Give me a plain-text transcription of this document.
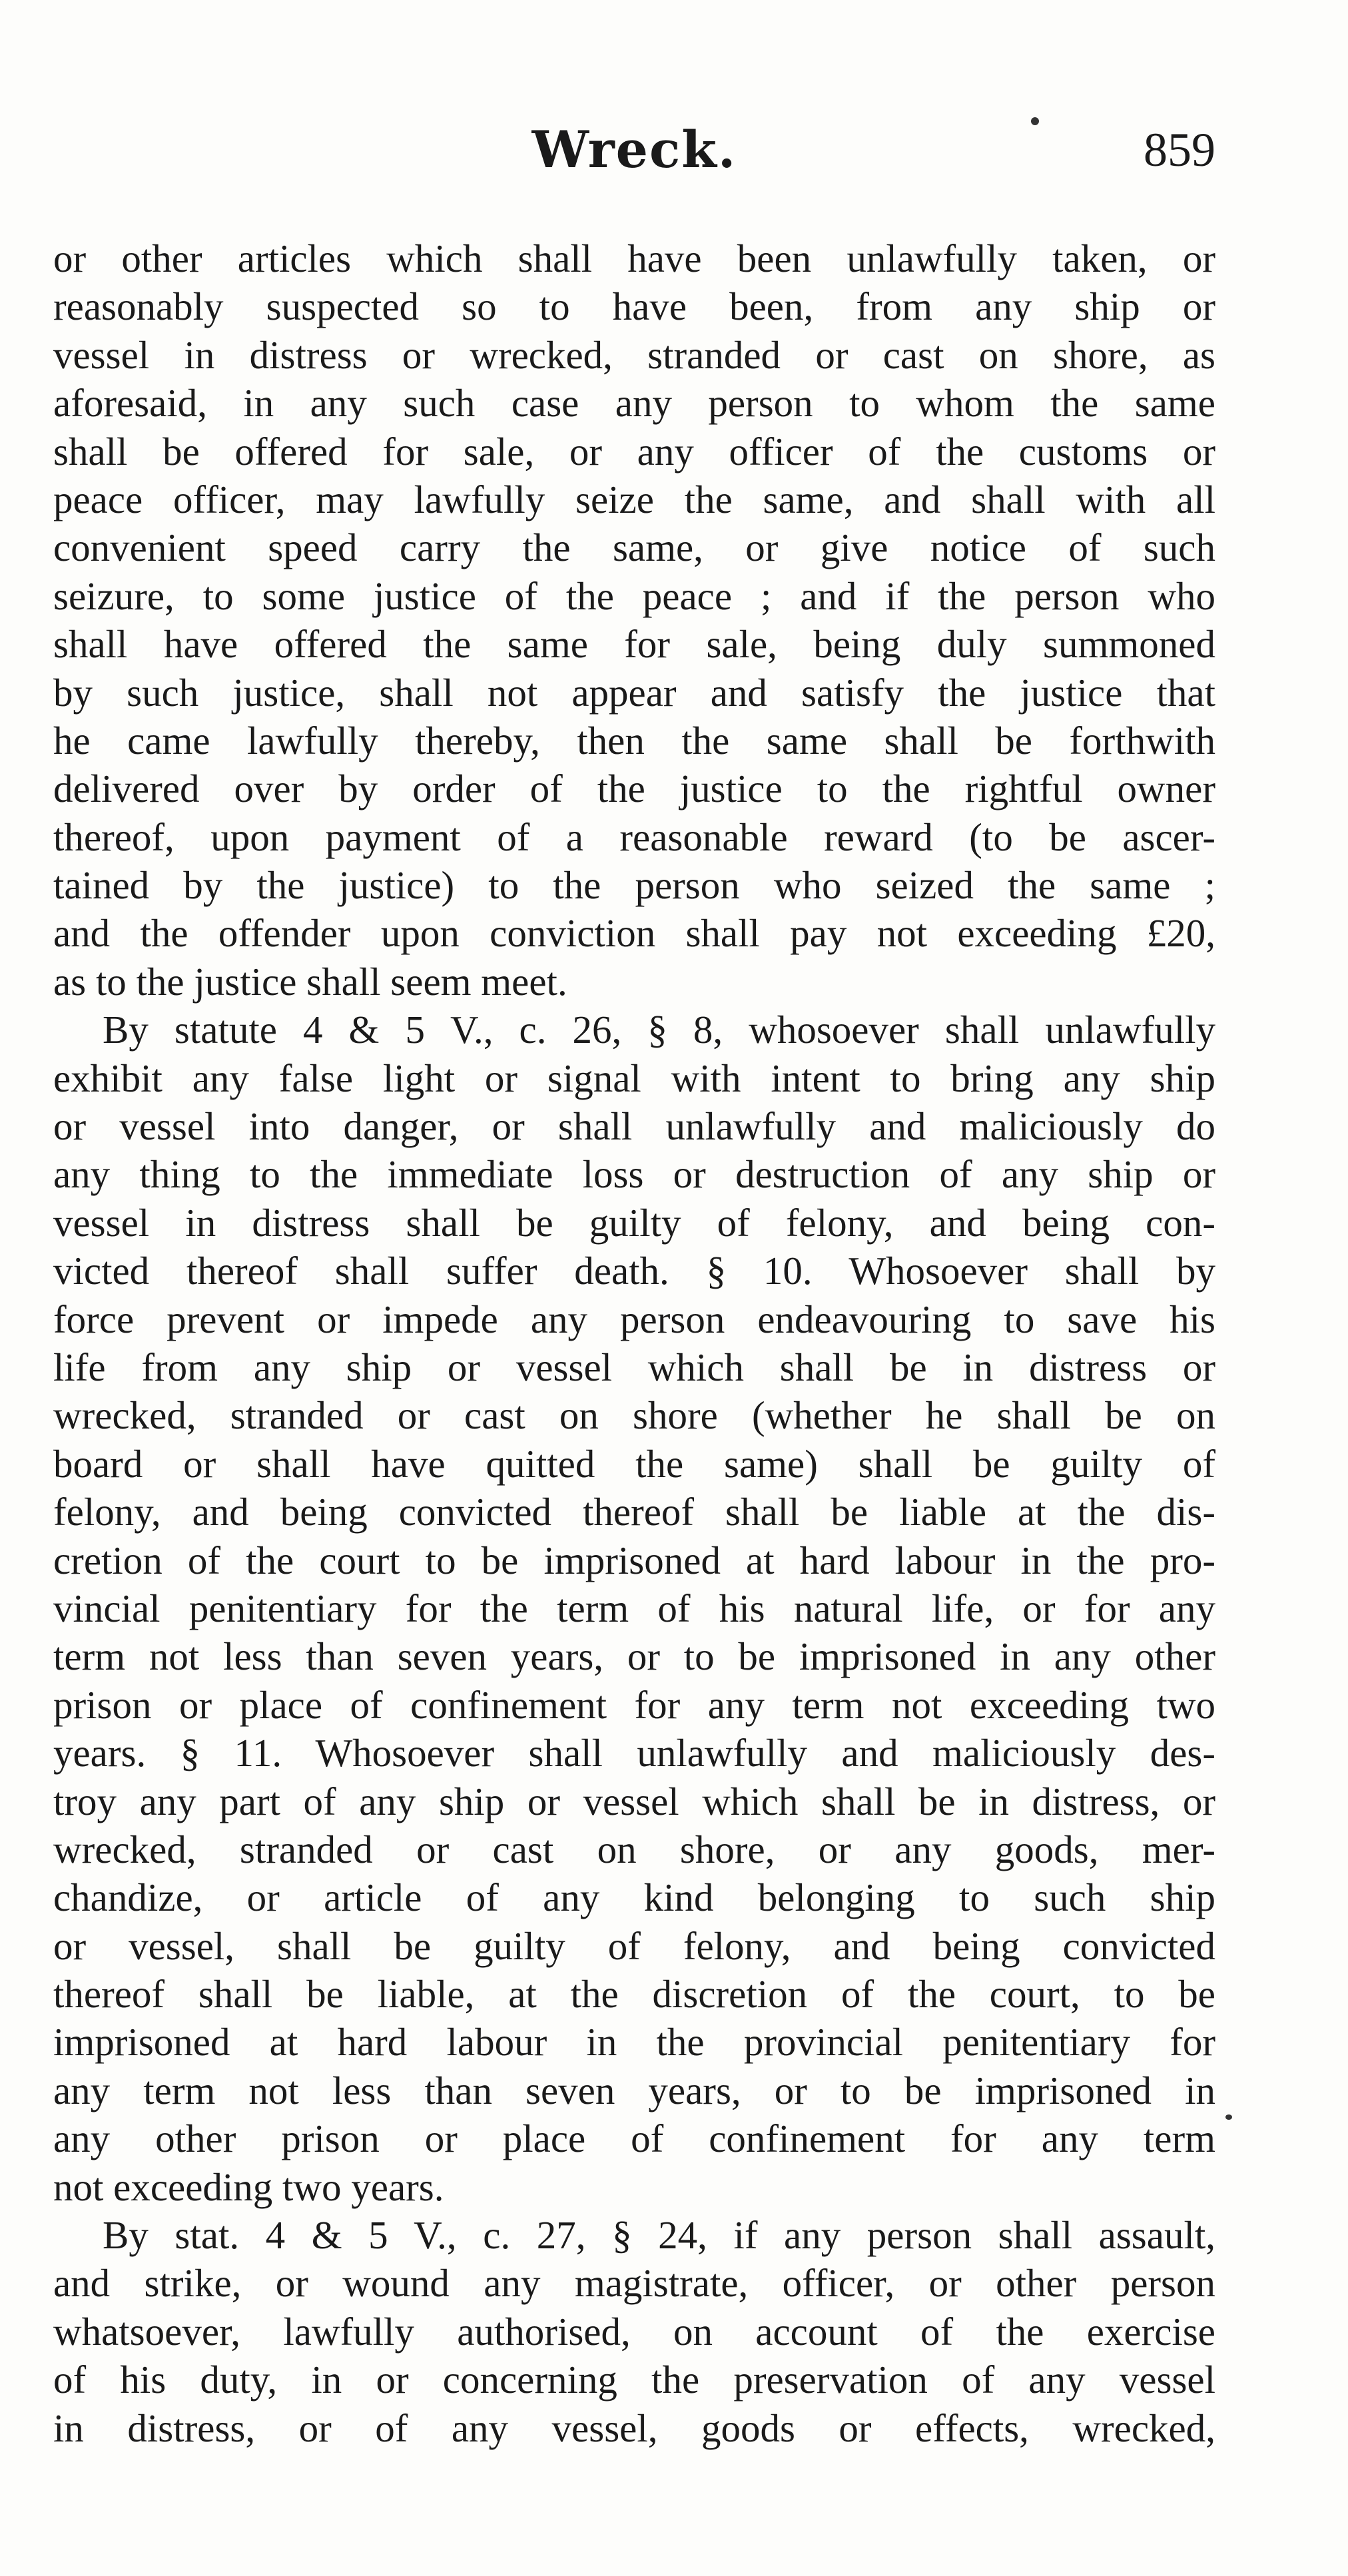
Wreck.	859
or other articles which shall have been unlawfully taken, or
reasonably suspected so to have been, from any ship or
vessel in distress or wrecked, stranded or cast on shore, as
aforesaid, in any such case any person to whom the same
shall be offered for sale, or any officer of the customs or
peace officer, may lawfully seize the same, and shall with all
convenient speed carry the same, or give notice of such
seizure, to some justice of the peace ; and if the person who
shall have offered the same for sale, being duly summoned
by such justice, shall not appear and satisfy the justice that
he came lawfully thereby, then the same shall be forthwith
delivered over by order of the justice to the rightful owner
thereof, upon payment of a reasonable reward (to be ascer-
tained by the justice) to the person who seized the same ;
and the offender upon conviction shall pay not exceeding £20,
as to the justice shall seem meet.
By statute 4 & 5 V., c. 26, § 8, whosoever shall unlawfully
exhibit any false light or signal with intent to bring any ship
or vessel into danger, or shall unlawfully and maliciously do
any thing to the immediate loss or destruction of any ship or
vessel in distress shall be guilty of felony, and being con-
victed thereof shall suffer death. § 10. Whosoever shall by
force prevent or impede any person endeavouring to save his
life from any ship or vessel which shall be in distress or
wrecked, stranded or cast on shore (whether he shall be on
board or shall have quitted the same) shall be guilty of
felony, and being convicted thereof shall be liable at the dis-
cretion of the court to be imprisoned at hard labour in the pro-
vincial penitentiary for the term of his natural life, or for any
term not less than seven years, or to be imprisoned in any other
prison or place of confinement for any term not exceeding two
years. § 11. Whosoever shall unlawfully and maliciously des-
troy any part of any ship or vessel which shall be in distress, or
wrecked, stranded or cast on shore, or any goods, mer-
chandize, or article of any kind belonging to such ship
or vessel, shall be guilty of felony, and being convicted
thereof shall be liable, at the discretion of the court, to be
imprisoned at hard labour in the provincial penitentiary for
any term not less than seven years, or to be imprisoned in
any other prison or place of confinement for any term
not exceeding two years.
By stat. 4 & 5 V., c. 27, § 24, if any person shall assault,
and strike, or wound any magistrate, officer, or other person
whatsoever, lawfully authorised, on account of the exercise
of his duty, in or concerning the preservation of any vessel
in distress, or of any vessel, goods or effects, wrecked,
